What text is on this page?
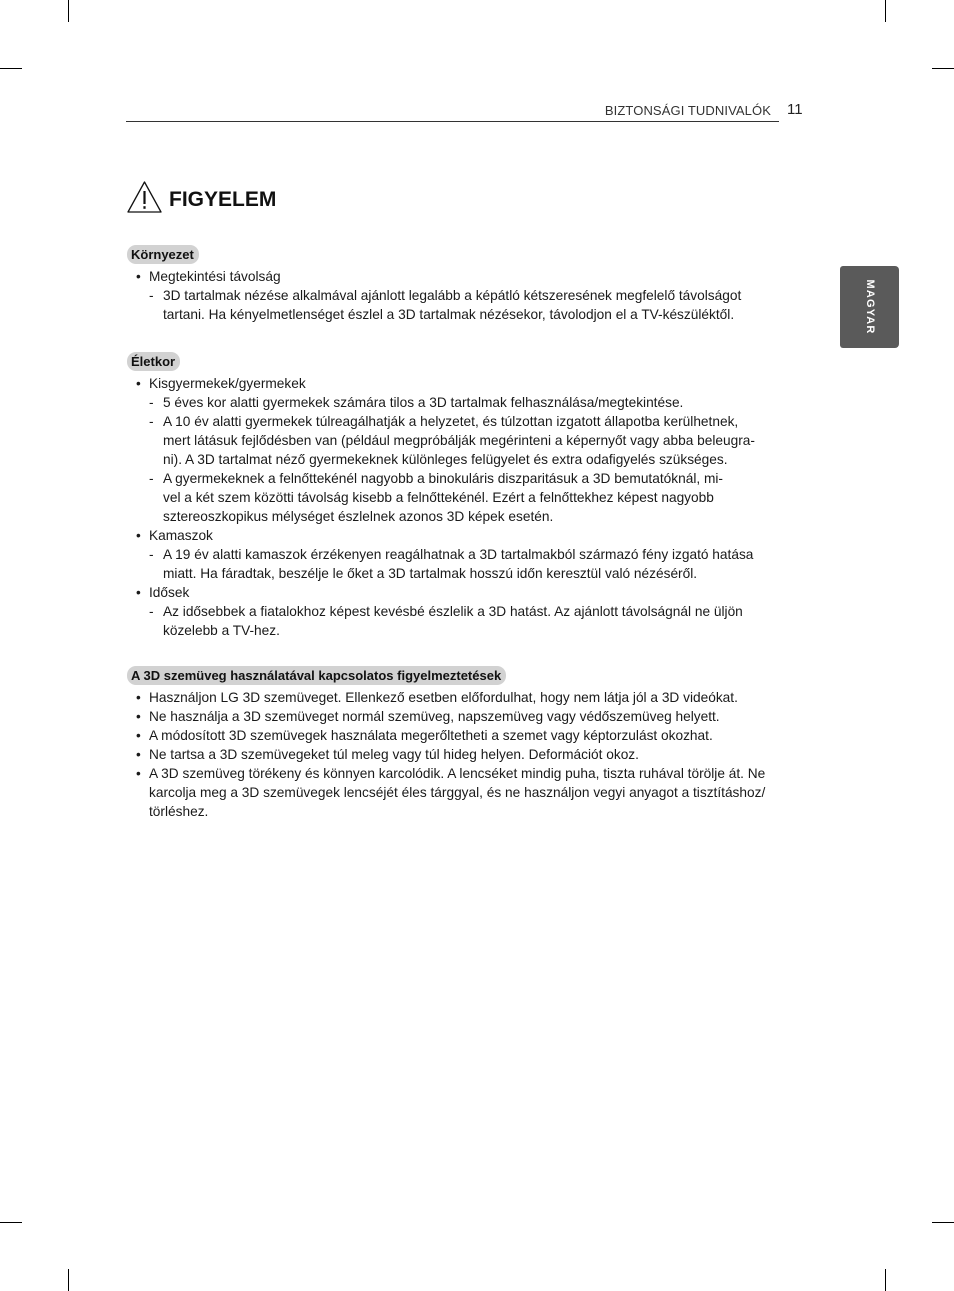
BIZTONSÁGI TUDNIVALÓK 11
MAGYAR
FIGYELEM
Környezet
• Megtekintési távolság
- 3D tartalmak nézése alkalmával ajánlott legalább a képátló kétszeresének megfelelő távolságot
tartani. Ha kényelmetlenséget észlel a 3D tartalmak nézésekor, távolodjon el a TV-készüléktől.
Életkor
• Kisgyermekek/gyermekek
- 5 éves kor alatti gyermekek számára tilos a 3D tartalmak felhasználása/megtekintése.
- A 10 év alatti gyermekek túlreagálhatják a helyzetet, és túlzottan izgatott állapotba kerülhetnek,
mert látásuk fejlődésben van (például megpróbálják megérinteni a képernyőt vagy abba beleugra-
ni). A 3D tartalmat néző gyermekeknek különleges felügyelet és extra odafigyelés szükséges.
- A gyermekeknek a felnőttekénél nagyobb a binokuláris diszparitásuk a 3D bemutatóknál, mi-
vel a két szem közötti távolság kisebb a felnőttekénél. Ezért a felnőttekhez képest nagyobb
sztereoszkopikus mélységet észlelnek azonos 3D képek esetén.
• Kamaszok
- A 19 év alatti kamaszok érzékenyen reagálhatnak a 3D tartalmakból származó fény izgató hatása
miatt. Ha fáradtak, beszélje le őket a 3D tartalmak hosszú időn keresztül való nézéséről.
• Idősek
- Az idősebbek a fiatalokhoz képest kevésbé észlelik a 3D hatást. Az ajánlott távolságnál ne üljön
közelebb a TV-hez.
A 3D szemüveg használatával kapcsolatos figyelmeztetések
• Használjon LG 3D szemüveget. Ellenkező esetben előfordulhat, hogy nem látja jól a 3D videókat.
• Ne használja a 3D szemüveget normál szemüveg, napszemüveg vagy védőszemüveg helyett.
• A módosított 3D szemüvegek használata megerőltetheti a szemet vagy képtorzulást okozhat.
• Ne tartsa a 3D szemüvegeket túl meleg vagy túl hideg helyen. Deformációt okoz.
• A 3D szemüveg törékeny és könnyen karcolódik. A lencséket mindig puha, tiszta ruhával törölje át. Ne
karcolja meg a 3D szemüvegek lencséjét éles tárggyal, és ne használjon vegyi anyagot a tisztításhoz/
törléshez.
